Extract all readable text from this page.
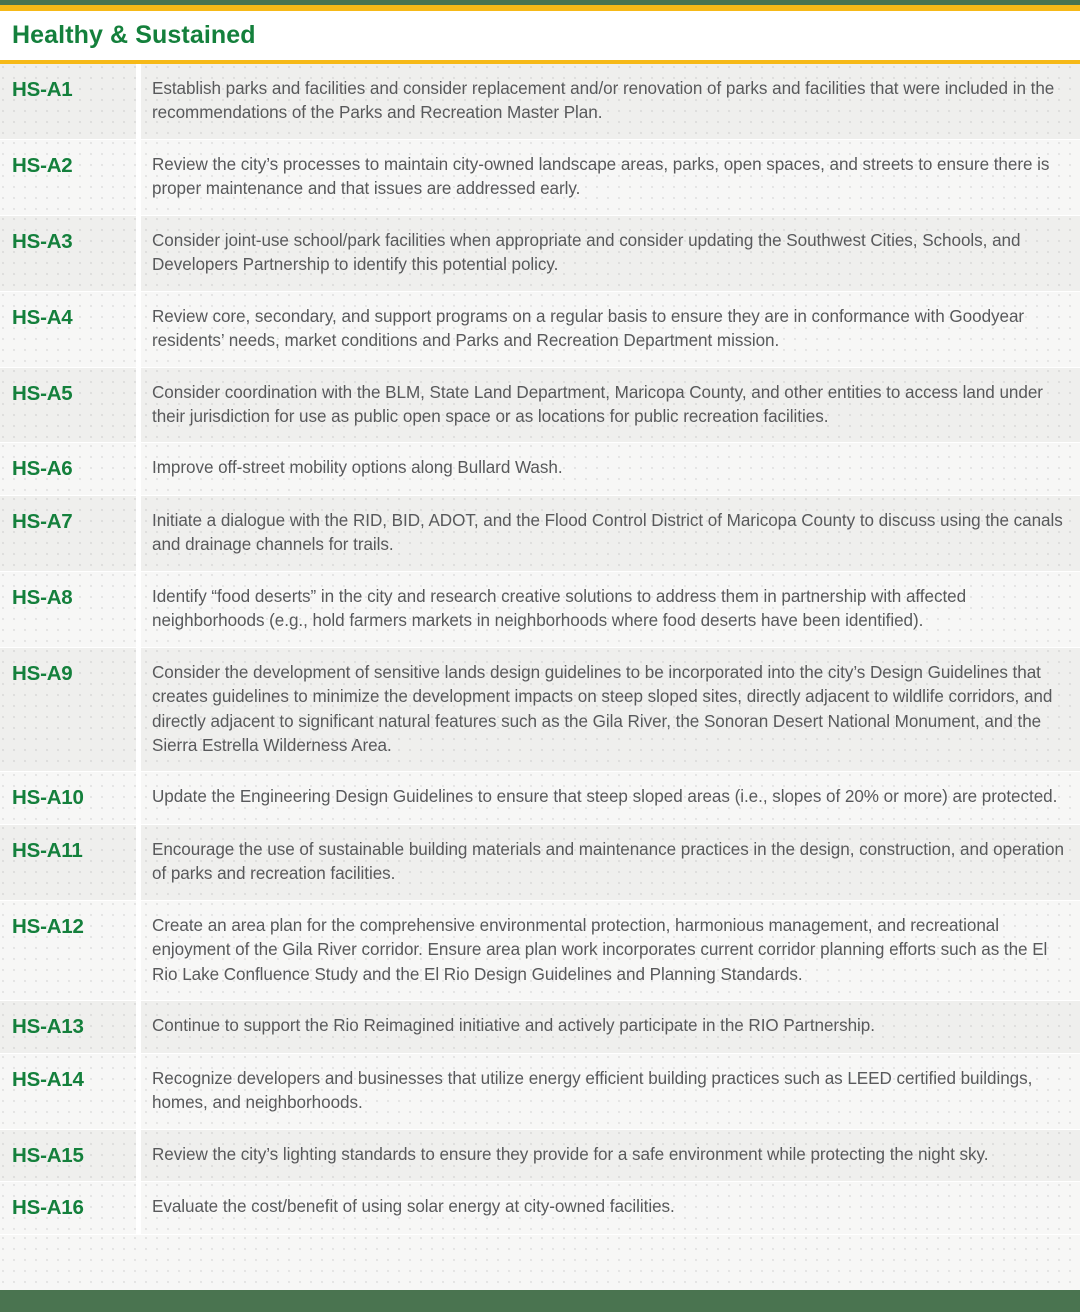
Healthy & Sustained
HS-A1	Establish parks and facilities and consider replacement and/or renovation of parks and facilities that were included in the recommendations of the Parks and Recreation Master Plan.
HS-A2	Review the city’s processes to maintain city-owned landscape areas, parks, open spaces, and streets to ensure there is proper maintenance and that issues are addressed early.
HS-A3	Consider joint-use school/park facilities when appropriate and consider updating the Southwest Cities, Schools, and Developers Partnership to identify this potential policy.
HS-A4	Review core, secondary, and support programs on a regular basis to ensure they are in conformance with Goodyear residents’ needs, market conditions and Parks and Recreation Department mission.
HS-A5	Consider coordination with the BLM, State Land Department, Maricopa County, and other entities to access land under their jurisdiction for use as public open space or as locations for public recreation facilities.
HS-A6	Improve off-street mobility options along Bullard Wash.
HS-A7	Initiate a dialogue with the RID, BID, ADOT, and the Flood Control District of Maricopa County to discuss using the canals and drainage channels for trails.
HS-A8	Identify “food deserts” in the city and research creative solutions to address them in partnership with affected neighborhoods (e.g., hold farmers markets in neighborhoods where food deserts have been identified).
HS-A9	Consider the development of sensitive lands design guidelines to be incorporated into the city’s Design Guidelines that creates guidelines to minimize the development impacts on steep sloped sites, directly adjacent to wildlife corridors, and directly adjacent to significant natural features such as the Gila River, the Sonoran Desert National Monument, and the Sierra Estrella Wilderness Area.
HS-A10	Update the Engineering Design Guidelines to ensure that steep sloped areas (i.e., slopes of 20% or more) are protected.
HS-A11	Encourage the use of sustainable building materials and maintenance practices in the design, construction, and operation of parks and recreation facilities.
HS-A12	Create an area plan for the comprehensive environmental protection, harmonious management, and recreational enjoyment of the Gila River corridor. Ensure area plan work incorporates current corridor planning efforts such as the El Rio Lake Confluence Study and the El Rio Design Guidelines and Planning Standards.
HS-A13	Continue to support the Rio Reimagined initiative and actively participate in the RIO Partnership.
HS-A14	Recognize developers and businesses that utilize energy efficient building practices such as LEED certified buildings, homes, and neighborhoods.
HS-A15	Review the city’s lighting standards to ensure they provide for a safe environment while protecting the night sky.
HS-A16	Evaluate the cost/benefit of using solar energy at city-owned facilities.
